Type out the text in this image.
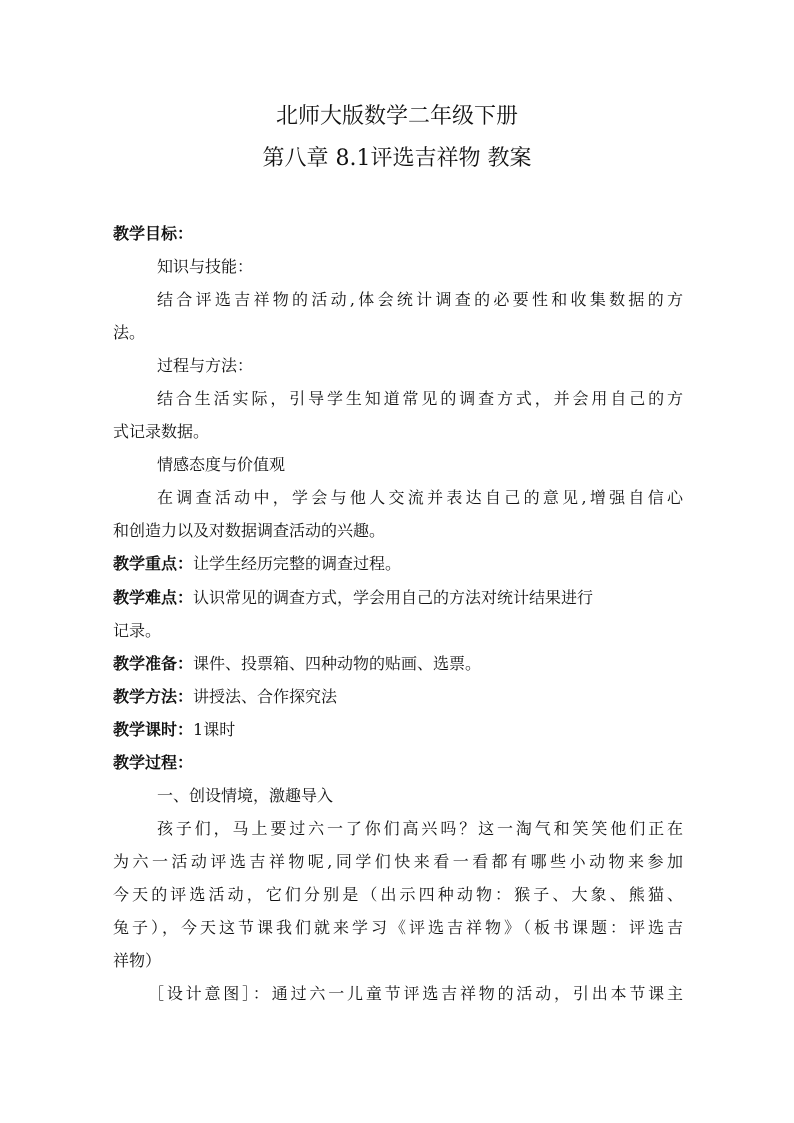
北师大版数学二年级下册
第八章 8.1评选吉祥物 教案
教学目标：
知识与技能：
结合评选吉祥物的活动,体会统计调查的必要性和收集数据的方
法。
过程与方法：
结合生活实际，引导学生知道常见的调查方式，并会用自己的方
式记录数据。
情感态度与价值观
在调查活动中，学会与他人交流并表达自己的意见,增强自信心
和创造力以及对数据调查活动的兴趣。
教学重点：让学生经历完整的调查过程。
教学难点：认识常见的调查方式，学会用自己的方法对统计结果进行
记录。
教学准备：课件、投票箱、四种动物的贴画、选票。
教学方法：讲授法、合作探究法
教学课时：1课时
教学过程：
一、创设情境，激趣导入
孩子们，马上要过六一了你们高兴吗？这一淘气和笑笑他们正在
为六一活动评选吉祥物呢,同学们快来看一看都有哪些小动物来参加
今天的评选活动，它们分别是（出示四种动物：猴子、大象、熊猫、
兔子），今天这节课我们就来学习《评选吉祥物》（板书课题：评选吉
祥物）
［设计意图］：通过六一儿童节评选吉祥物的活动，引出本节课主
